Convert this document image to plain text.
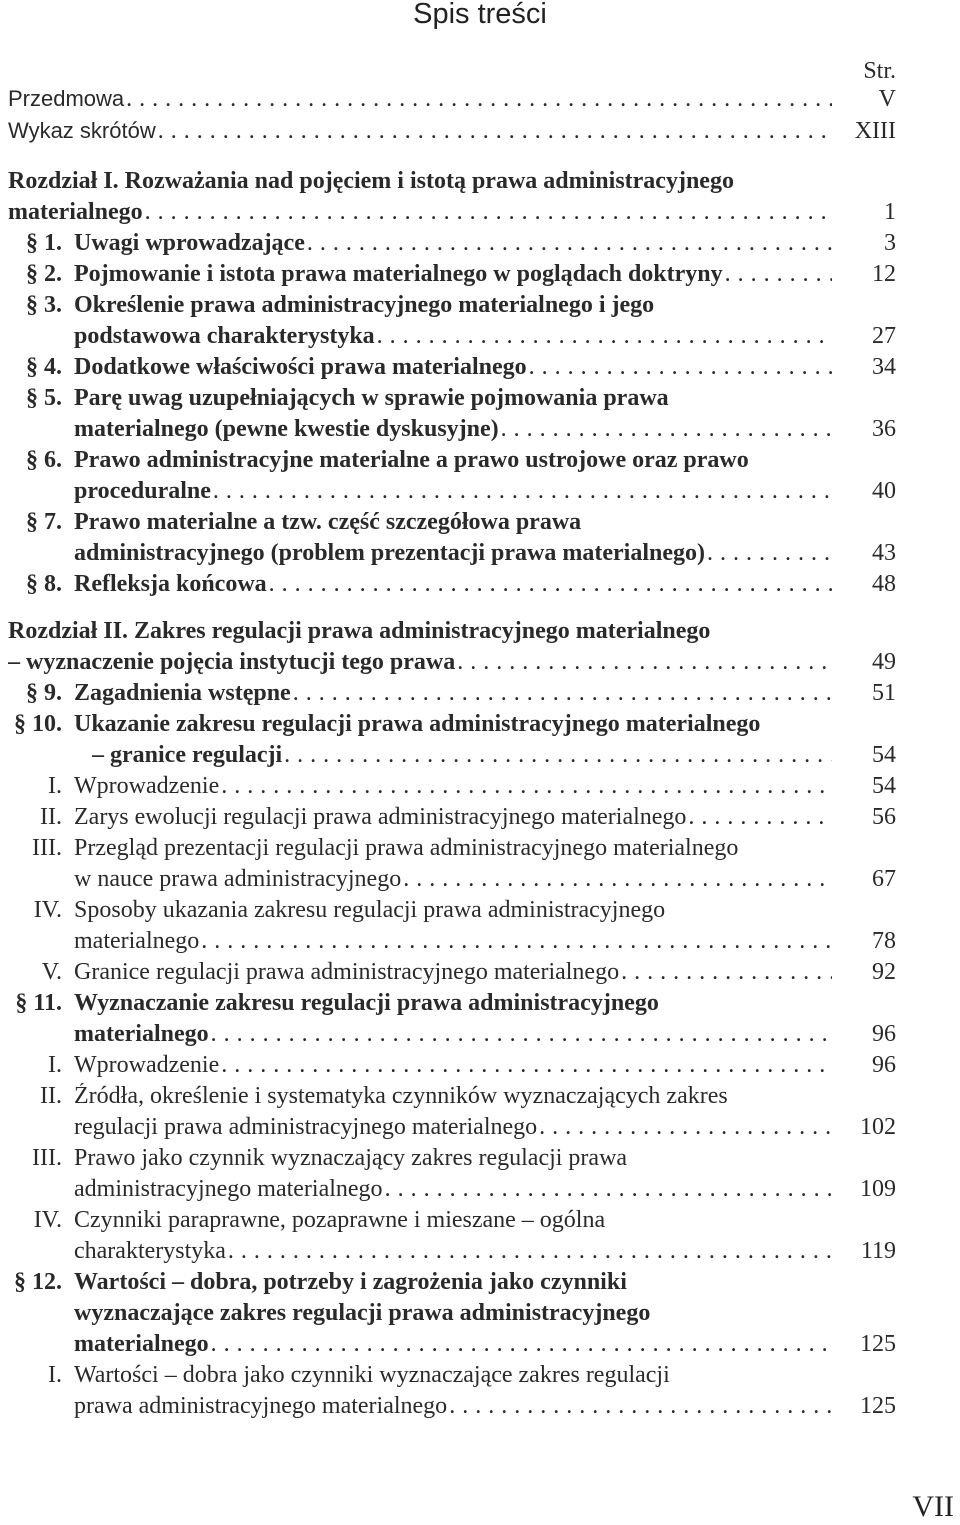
Spis treści
Str.
Przedmowa . . .	V
Wykaz skrótów . . .	XIII
Rozdział I. Rozważania nad pojęciem i istotą prawa administracyjnego
materialnego . . .	1
§ 1. Uwagi wprowadzające . . .	3
§ 2. Pojmowanie i istota prawa materialnego w poglądach doktryny . . .	12
§ 3. Określenie prawa administracyjnego materialnego i jego
podstawowa charakterystyka . . .	27
§ 4. Dodatkowe właściwości prawa materialnego . . .	34
§ 5. Parę uwag uzupełniających w sprawie pojmowania prawa
materialnego (pewne kwestie dyskusyjne) . . .	36
§ 6. Prawo administracyjne materialne a prawo ustrojowe oraz prawo
proceduralne . . .	40
§ 7. Prawo materialne a tzw. część szczegółowa prawa
administracyjnego (problem prezentacji prawa materialnego) . . .	43
§ 8. Refleksja końcowa . . .	48
Rozdział II. Zakres regulacji prawa administracyjnego materialnego
– wyznaczenie pojęcia instytucji tego prawa . . .	49
§ 9. Zagadnienia wstępne . . .	51
§ 10. Ukazanie zakresu regulacji prawa administracyjnego materialnego
– granice regulacji . . .	54
I. Wprowadzenie . . .	54
II. Zarys ewolucji regulacji prawa administracyjnego materialnego . . .	56
III. Przegląd prezentacji regulacji prawa administracyjnego materialnego
w nauce prawa administracyjnego . . .	67
IV. Sposoby ukazania zakresu regulacji prawa administracyjnego
materialnego . . .	78
V. Granice regulacji prawa administracyjnego materialnego . . .	92
§ 11. Wyznaczanie zakresu regulacji prawa administracyjnego
materialnego . . .	96
I. Wprowadzenie . . .	96
II. Źródła, określenie i systematyka czynników wyznaczających zakres
regulacji prawa administracyjnego materialnego . . .	102
III. Prawo jako czynnik wyznaczający zakres regulacji prawa
administracyjnego materialnego . . .	109
IV. Czynniki paraprawne, pozaprawne i mieszane – ogólna
charakterystyka . . .	119
§ 12. Wartości – dobra, potrzeby i zagrożenia jako czynniki
wyznaczające zakres regulacji prawa administracyjnego
materialnego . . .	125
I. Wartości – dobra jako czynniki wyznaczające zakres regulacji
prawa administracyjnego materialnego . . .	125
VII
